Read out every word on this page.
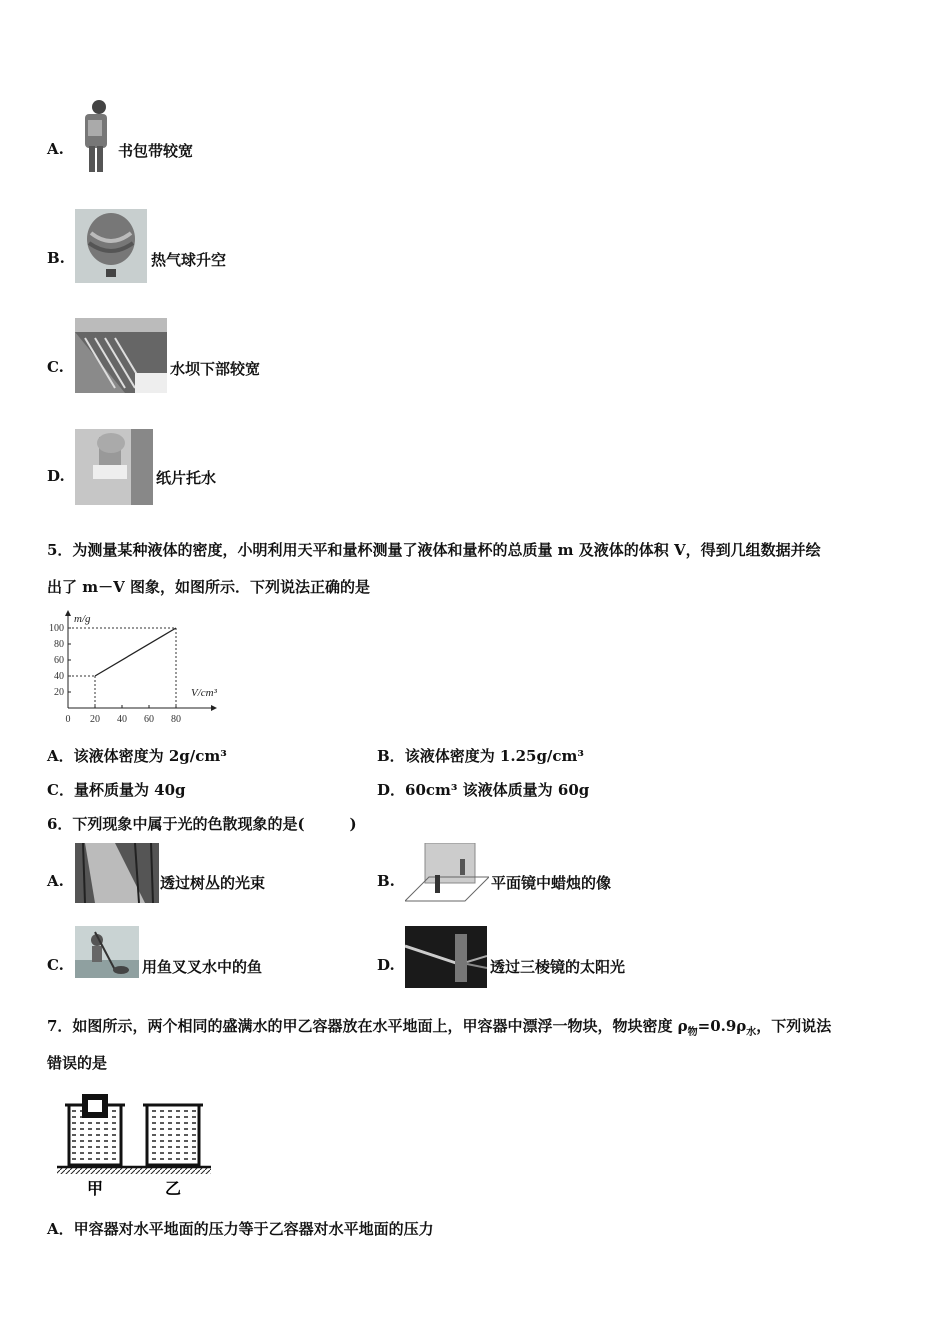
A.	书包带较宽
B.	热气球升空
C.	水坝下部较宽
D.	纸片托水
5．为测量某种液体的密度，小明利用天平和量杯测量了液体和量杯的总质量 m 及液体的体积 V，得到几组数据并绘
出了 m－V 图象，如图所示．下列说法正确的是
0 20 40 60 80
20
40
60
80
100
m/g
V/cm³
A．该液体密度为 2g/cm³	B．该液体密度为 1.25g/cm³
C．量杯质量为 40g	D．60cm³ 该液体质量为 60g
6．下列现象中属于光的色散现象的是(　　　)
A.	透过树丛的光束	B.	平面镜中蜡烛的像
C.	用鱼叉叉水中的鱼	D.	透过三棱镜的太阳光
7．如图所示，两个相同的盛满水的甲乙容器放在水平地面上，甲容器中漂浮一物块，物块密度 $\rho_物=0.9\rho_水$，下列说法
错误的是
甲	乙
A．甲容器对水平地面的压力等于乙容器对水平地面的压力
